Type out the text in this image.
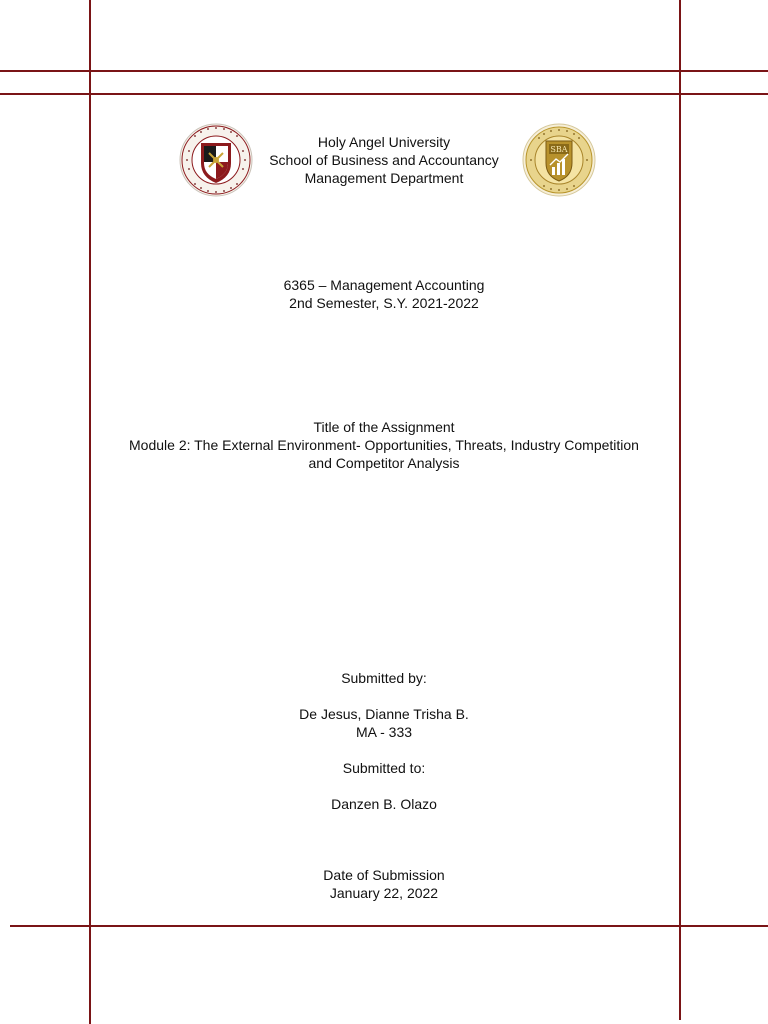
SBA
Holy Angel University
School of Business and Accountancy
Management Department
6365 – Management Accounting
2nd Semester, S.Y. 2021-2022
Title of the Assignment
Module 2: The External Environment- Opportunities, Threats, Industry Competition
and Competitor Analysis
Submitted by:
De Jesus, Dianne Trisha B.
MA - 333
Submitted to:
Danzen B. Olazo
Date of Submission
January 22, 2022
